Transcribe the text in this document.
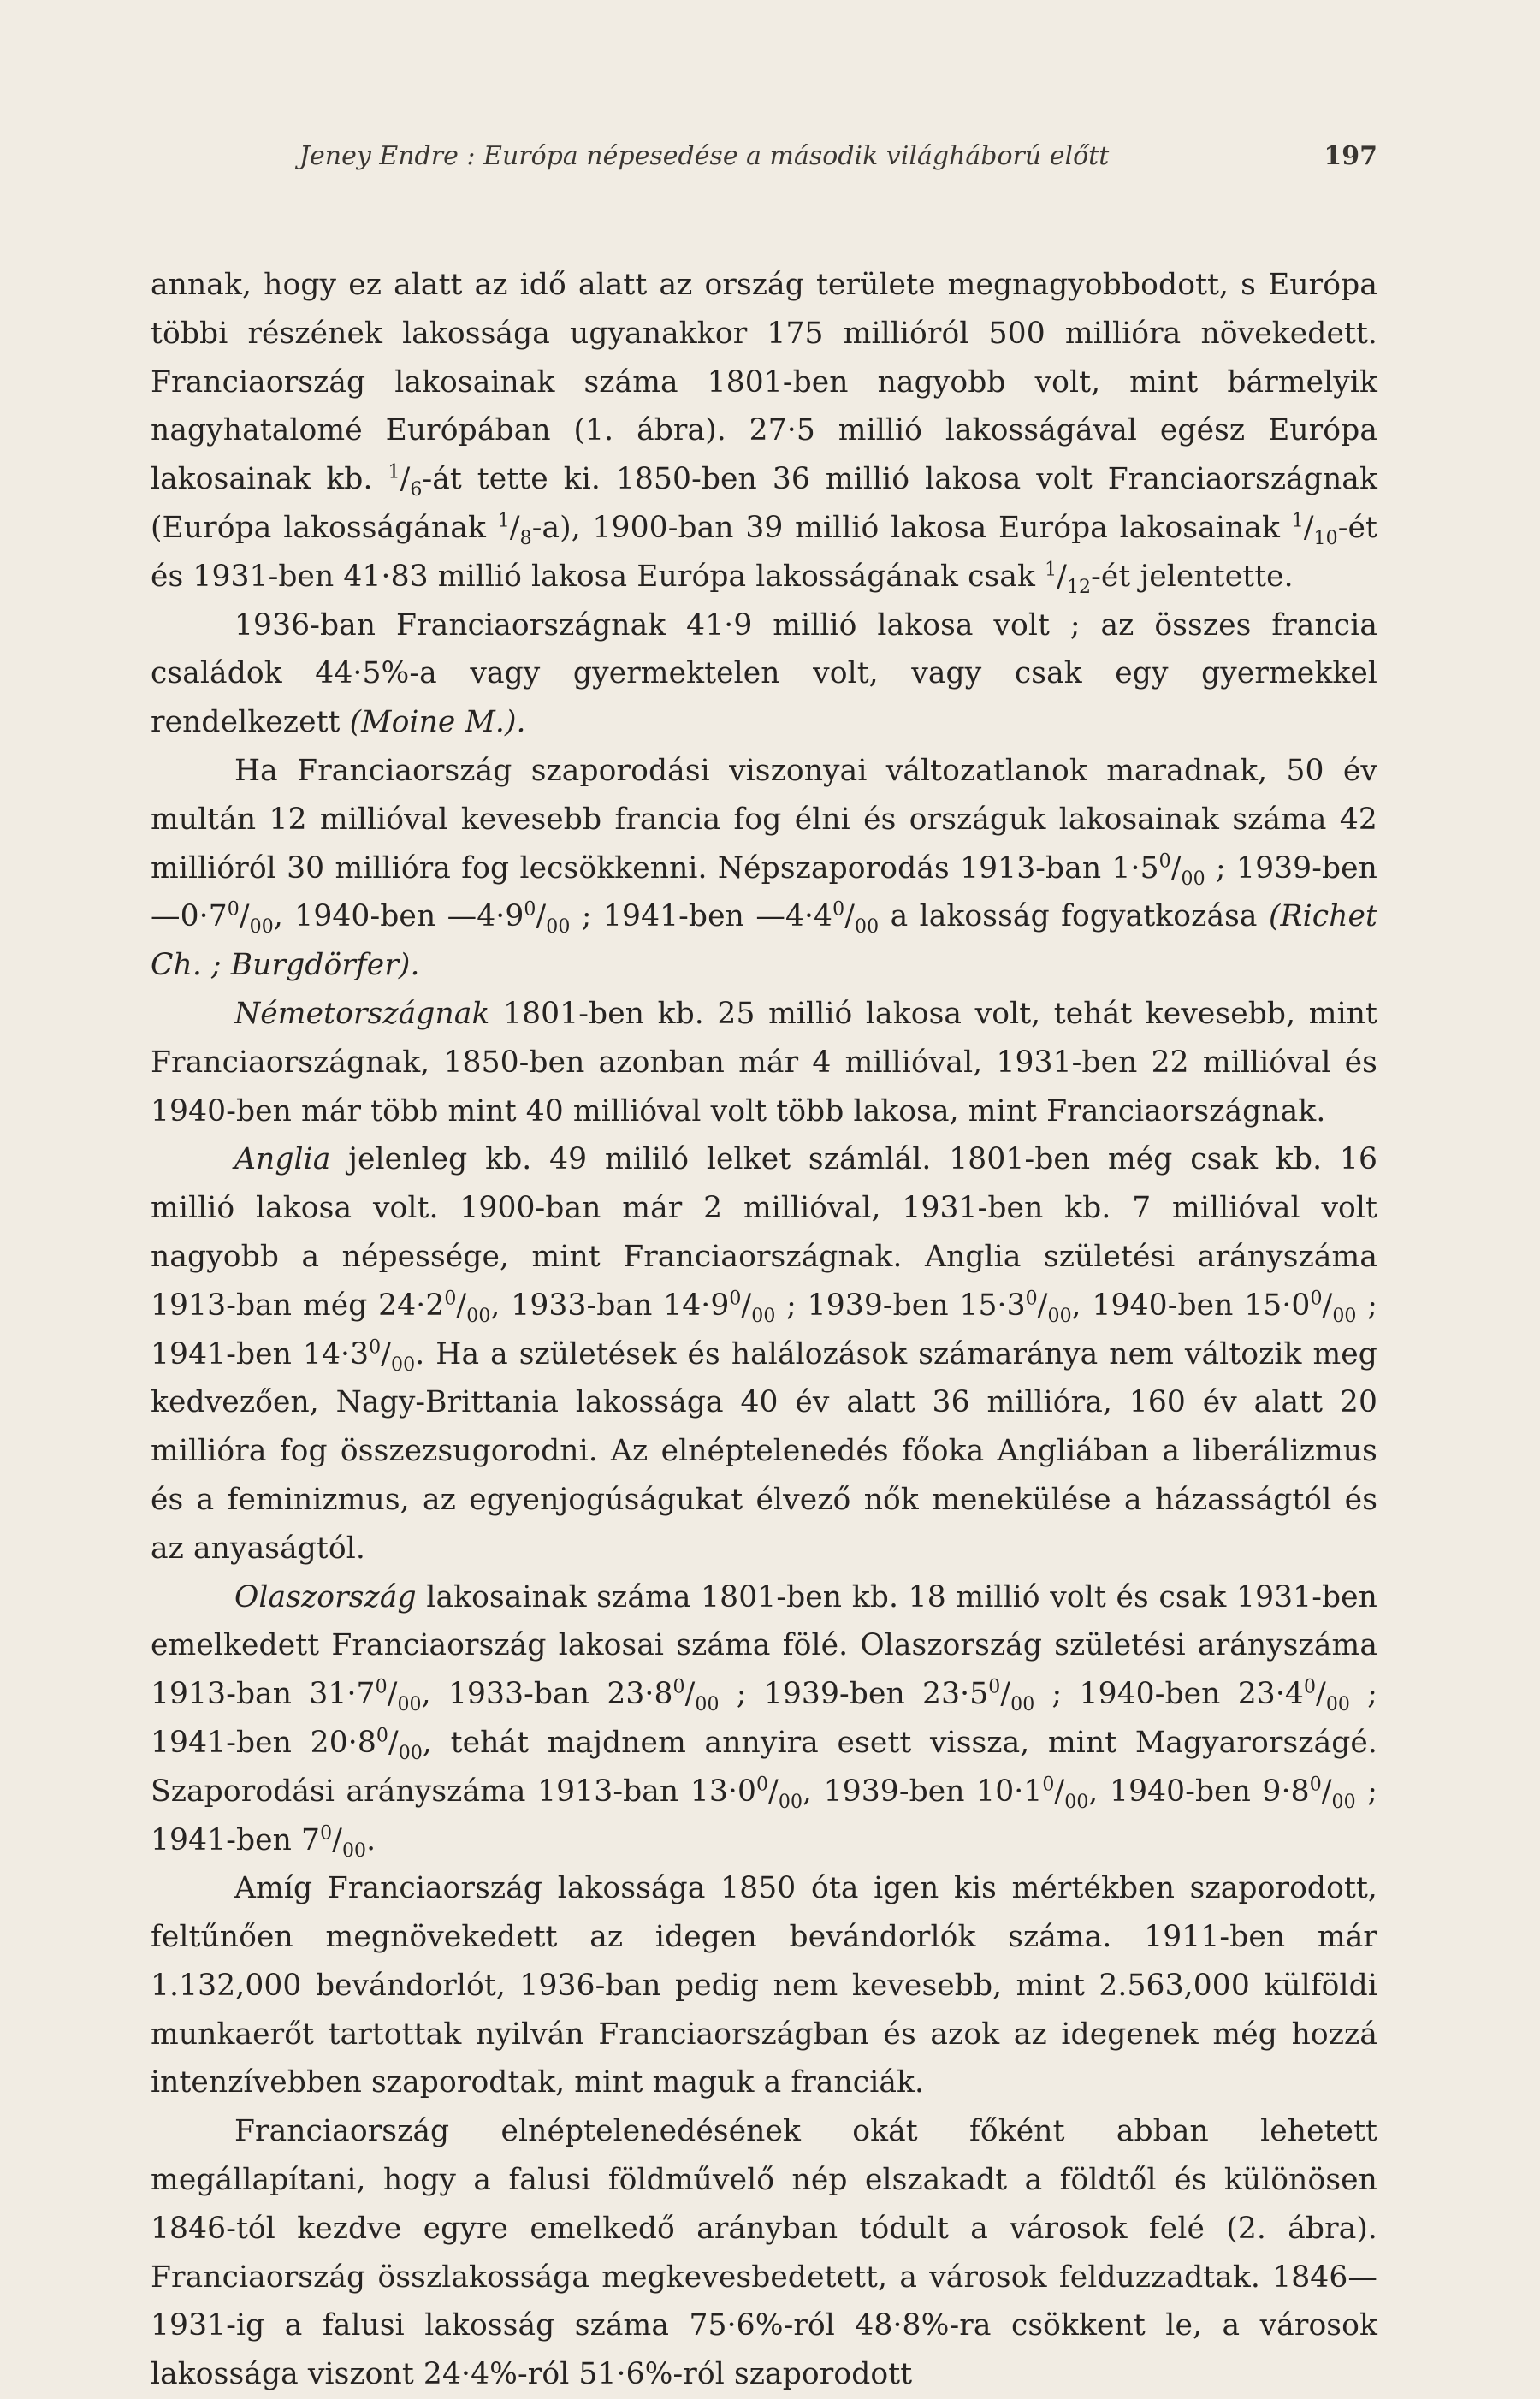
Jeney Endre : Európa népesedése a második világháború előtt	197

annak, hogy ez alatt az idő alatt az ország területe megnagyobbodott, s Európa többi részének lakossága ugyanakkor 175 millióról 500 millióra növekedett. Franciaország lakosainak száma 1801-ben nagyobb volt, mint bármelyik nagyhatalomé Európában (1. ábra). 27·5 millió lakosságával egész Európa lakosainak kb. $^1/_6-át$ tette ki. 1850-ben 36 millió lakosa volt Franciaországnak (Európa lakosságának $^1/_8-a$), 1900-ban 39 millió lakosa Európa lakosainak $^1/_{10}-ét$ és 1931-ben 41·83 millió lakosa Európa lakosságának csak $^1/_{12}-ét$ jelentette.

1936-ban Franciaországnak 41·9 millió lakosa volt ; az összes francia családok 44·5%-a vagy gyermektelen volt, vagy csak egy gyermekkel rendelkezett (Moine M.).

Ha Franciaország szaporodási viszonyai változatlanok maradnak, 50 év multán 12 millióval kevesebb francia fog élni és országuk lakosainak száma 42 millióról 30 millióra fog lecsökkenni. Népszaporodás 1913-ban $1\cdot 5^0/_{00}$ ; 1939-ben $—0\cdot 7^0/_{00}$, 1940-ben $—4\cdot 9^0/_{00}$ ; 1941-ben $—4\cdot 4^0/_{00}$ a lakosság fogyatkozása (Richet Ch. ; Burgdörfer).

Németországnak 1801-ben kb. 25 millió lakosa volt, tehát kevesebb, mint Franciaországnak, 1850-ben azonban már 4 millióval, 1931-ben 22 millióval és 1940-ben már több mint 40 millióval volt több lakosa, mint Franciaországnak.

Anglia jelenleg kb. 49 mililó lelket számlál. 1801-ben még csak kb. 16 millió lakosa volt. 1900-ban már 2 millióval, 1931-ben kb. 7 millióval volt nagyobb a népessége, mint Franciaországnak. Anglia születési arányszáma 1913-ban még $24\cdot 2^0/_{00}$, 1933-ban $14\cdot 9^0/_{00}$ ; 1939-ben $15\cdot 3^0/_{00}$, 1940-ben $15\cdot 0^0/_{00}$ ; 1941-ben $14\cdot 3^0/_{00}$. Ha a születések és halálozások számaránya nem változik meg kedvezően, Nagy-Brittania lakossága 40 év alatt 36 millióra, 160 év alatt 20 millióra fog összezsugorodni. Az elnéptelenedés főoka Angliában a liberálizmus és a feminizmus, az egyenjogúságukat élvező nők menekülése a házasságtól és az anyaságtól.

Olaszország lakosainak száma 1801-ben kb. 18 millió volt és csak 1931-ben emelkedett Franciaország lakosai száma fölé. Olaszország születési arányszáma 1913-ban $31\cdot 7^0/_{00}$, 1933-ban $23\cdot 8^0/_{00}$ ; 1939-ben $23\cdot 5^0/_{00}$ ; 1940-ben $23\cdot 4^0/_{00}$ ; 1941-ben $20\cdot 8^0/_{00}$, tehát majdnem annyira esett vissza, mint Magyarországé. Szaporodási arányszáma 1913-ban $13\cdot 0^0/_{00}$, 1939-ben $10\cdot 1^0/_{00}$, 1940-ben $9\cdot 8^0/_{00}$ ; 1941-ben $7^0/_{00}$.

Amíg Franciaország lakossága 1850 óta igen kis mértékben szaporodott, feltűnően megnövekedett az idegen bevándorlók száma. 1911-ben már 1.132,000 bevándorlót, 1936-ban pedig nem kevesebb, mint 2.563,000 külföldi munkaerőt tartottak nyilván Franciaországban és azok az idegenek még hozzá intenzívebben szaporodtak, mint maguk a franciák.

Franciaország elnéptelenedésének okát főként abban lehetett megállapítani, hogy a falusi földművelő nép elszakadt a földtől és különösen 1846-tól kezdve egyre emelkedő arányban tódult a városok felé (2. ábra). Franciaország összlakossága megkevesbedetett, a városok felduzzadtak. 1846—1931-ig a falusi lakosság száma 75·6%-ról 48·8%-ra csökkent le, a városok lakossága viszont 24·4%-ról 51·6%-ról szaporodott
